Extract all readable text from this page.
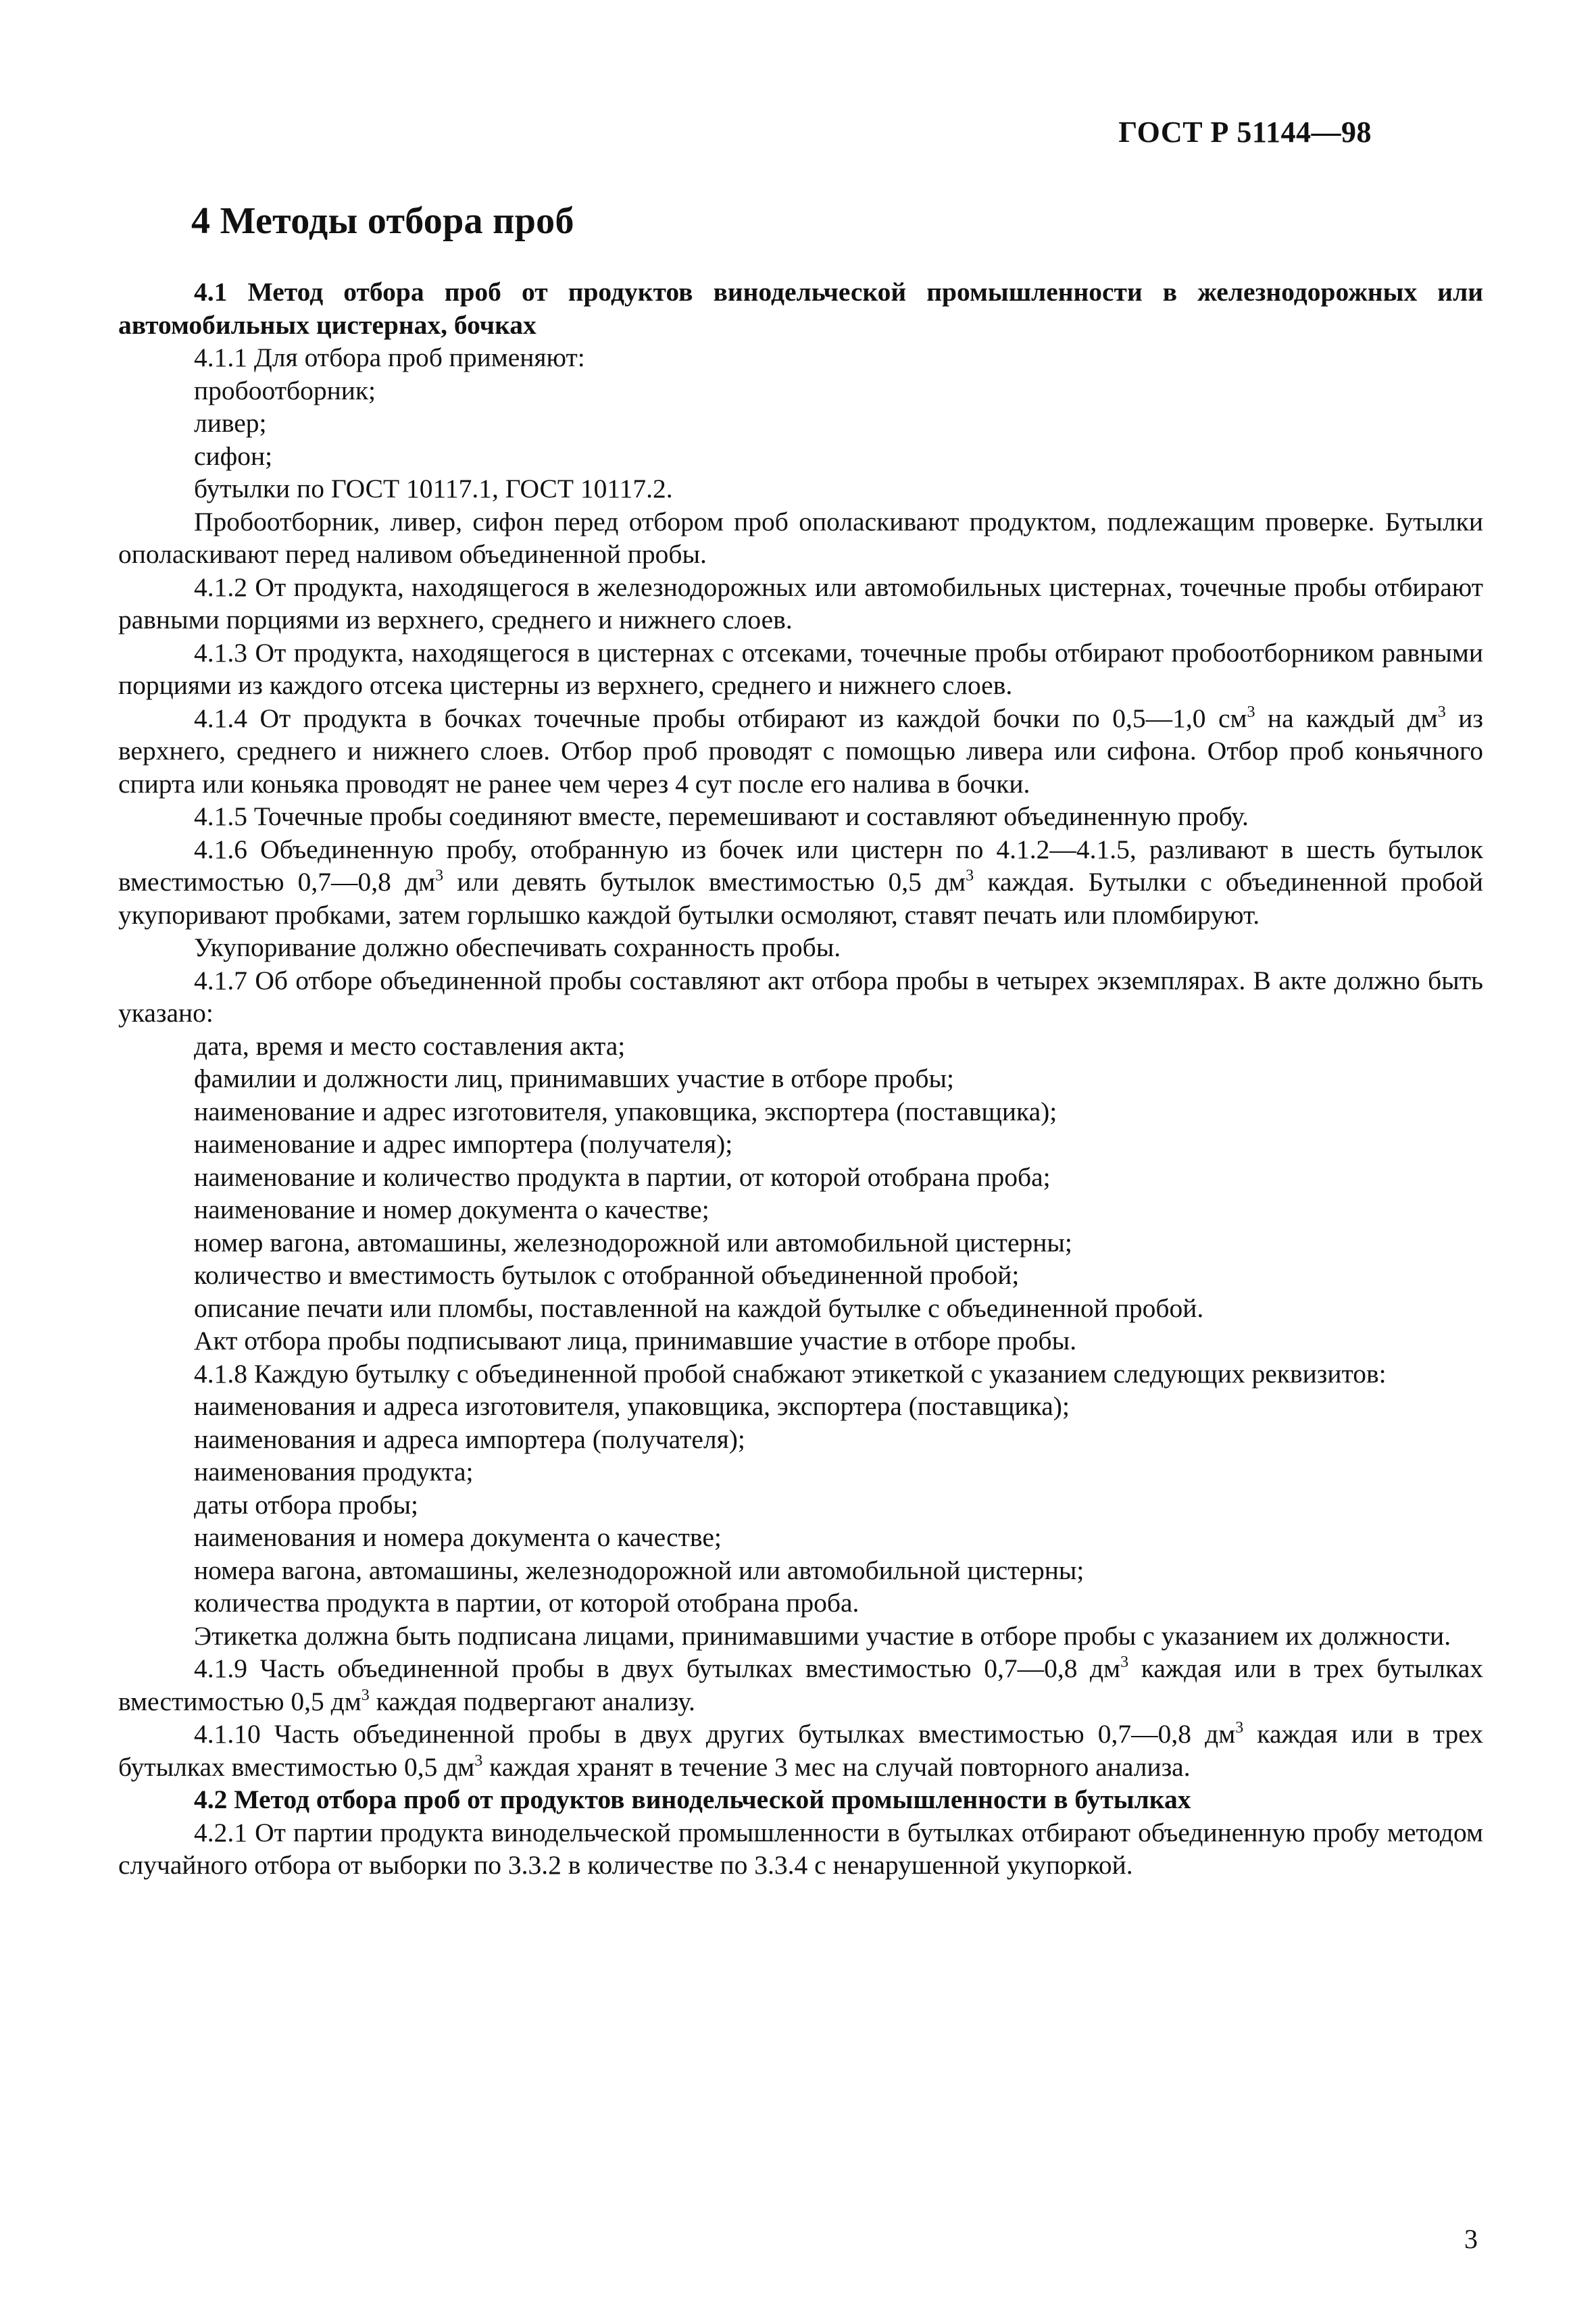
ГОСТ Р 51144—98
4 Методы отбора проб

4.1 Метод отбора проб от продуктов винодельческой промышленности в железнодорожных или автомобильных цистернах, бочках

4.1.1 Для отбора проб применяют:

пробоотборник;

ливер;

сифон;

бутылки по ГОСТ 10117.1, ГОСТ 10117.2.

Пробоотборник, ливер, сифон перед отбором проб ополаскивают продуктом, подлежащим проверке. Бутылки ополаскивают перед наливом объединенной пробы.

4.1.2 От продукта, находящегося в железнодорожных или автомобильных цистернах, точечные пробы отбирают равными порциями из верхнего, среднего и нижнего слоев.

4.1.3 От продукта, находящегося в цистернах с отсеками, точечные пробы отбирают пробоотборником равными порциями из каждого отсека цистерны из верхнего, среднего и нижнего слоев.

4.1.4 От продукта в бочках точечные пробы отбирают из каждой бочки по 0,5—1,0 $см^3$ на каждый $дм^3$ из верхнего, среднего и нижнего слоев. Отбор проб проводят с помощью ливера или сифона. Отбор проб коньячного спирта или коньяка проводят не ранее чем через 4 сут после его налива в бочки.

4.1.5 Точечные пробы соединяют вместе, перемешивают и составляют объединенную пробу.

4.1.6 Объединенную пробу, отобранную из бочек или цистерн по 4.1.2—4.1.5, разливают в шесть бутылок вместимостью 0,7—0,8 $дм^3$ или девять бутылок вместимостью 0,5 $дм^3$ каждая. Бутылки с объединенной пробой укупоривают пробками, затем горлышко каждой бутылки осмоляют, ставят печать или пломбируют.

Укупоривание должно обеспечивать сохранность пробы.

4.1.7 Об отборе объединенной пробы составляют акт отбора пробы в четырех экземплярах. В акте должно быть указано:

дата, время и место составления акта;

фамилии и должности лиц, принимавших участие в отборе пробы;

наименование и адрес изготовителя, упаковщика, экспортера (поставщика);

наименование и адрес импортера (получателя);

наименование и количество продукта в партии, от которой отобрана проба;

наименование и номер документа о качестве;

номер вагона, автомашины, железнодорожной или автомобильной цистерны;

количество и вместимость бутылок с отобранной объединенной пробой;

описание печати или пломбы, поставленной на каждой бутылке с объединенной пробой.

Акт отбора пробы подписывают лица, принимавшие участие в отборе пробы.

4.1.8 Каждую бутылку с объединенной пробой снабжают этикеткой с указанием следующих реквизитов:

наименования и адреса изготовителя, упаковщика, экспортера (поставщика);

наименования и адреса импортера (получателя);

наименования продукта;

даты отбора пробы;

наименования и номера документа о качестве;

номера вагона, автомашины, железнодорожной или автомобильной цистерны;

количества продукта в партии, от которой отобрана проба.

Этикетка должна быть подписана лицами, принимавшими участие в отборе пробы с указанием их должности.

4.1.9 Часть объединенной пробы в двух бутылках вместимостью 0,7—0,8 $дм^3$ каждая или в трех бутылках вместимостью 0,5 $дм^3$ каждая подвергают анализу.

4.1.10 Часть объединенной пробы в двух других бутылках вместимостью 0,7—0,8 $дм^3$ каждая или в трех бутылках вместимостью 0,5 $дм^3$ каждая хранят в течение 3 мес на случай повторного анализа.

4.2 Метод отбора проб от продуктов винодельческой промышленности в бутылках

4.2.1 От партии продукта винодельческой промышленности в бутылках отбирают объединенную пробу методом случайного отбора от выборки по 3.3.2 в количестве по 3.3.4 с ненарушенной укупоркой.

3
